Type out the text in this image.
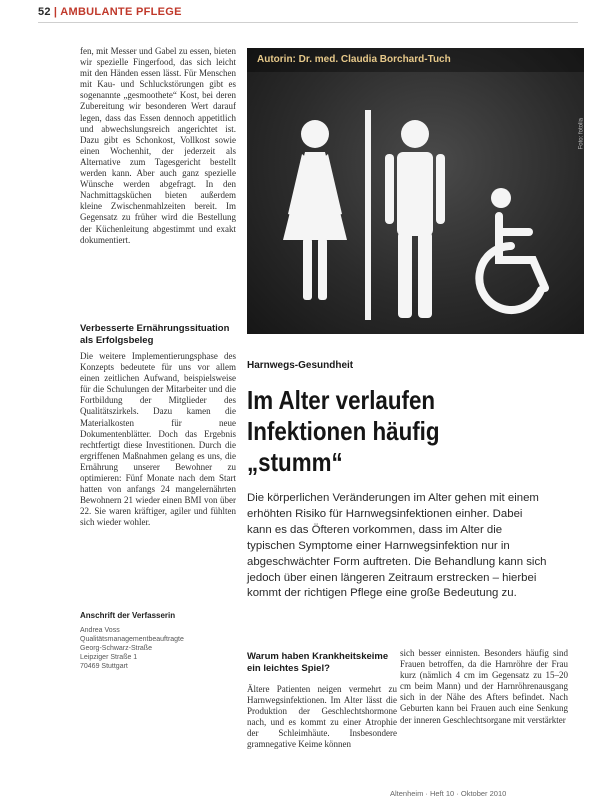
52 | AMBULANTE PFLEGE

fen, mit Messer und Gabel zu essen, bieten wir spezielle Fingerfood, das sich leicht mit den Händen essen lässt. Für Menschen mit Kau- und Schluckstörungen gibt es sogenannte „gesmoothete“ Kost, bei deren Zubereitung wir besonderen Wert darauf legen, dass das Essen dennoch appetitlich und abwechslungsreich angerichtet ist. Dazu gibt es Schonkost, Vollkost sowie einen Wochenhit, der jederzeit als Alternative zum Tagesgericht bestellt werden kann. Aber auch ganz spezielle Wünsche werden abgefragt. In den Nachmittagsküchen bieten außerdem kleine Zwischenmahlzeiten bereit. Im Gegensatz zu früher wird die Bestellung der Küchenleitung abgestimmt und exakt dokumentiert.

Verbesserte Ernährungssituation als Erfolgsbeleg

Die weitere Implementierungsphase des Konzepts bedeutete für uns vor allem einen zeitlichen Aufwand, beispielsweise für die Schulungen der Mitarbeiter und die Fortbildung der Mitglieder des Qualitätszirkels. Dazu kamen die Materialkosten für neue Dokumentenblätter. Doch das Ergebnis rechtfertigt diese Investitionen. Durch die ergriffenen Maßnahmen gelang es uns, die Ernährung unserer Bewohner zu optimieren: Fünf Monate nach dem Start hatten von anfangs 24 mangelernährten Bewohnern 21 wieder einen BMI von über 22. Sie waren kräftiger, agiler und fühlten sich wieder wohler.

Anschrift der Verfasserin

Andrea Voss

Qualitätsmanagementbeauftragte

Georg-Schwarz-Straße

Leipziger Straße 1

70469 Stuttgart

Autorin: Dr. med. Claudia Borchard-Tuch
Foto: fotolia
Harnwegs-Gesundheit
Im Alter verlaufen
Infektionen häufig „stumm“

Die körperlichen Veränderungen im Alter gehen mit einem erhöhten Risiko für Harnwegsinfektionen einher. Dabei kann es das Öfteren vorkommen, dass im Alter die typischen Symptome einer Harnwegsinfektion nur in abgeschwächter Form auftreten. Die Behandlung kann sich jedoch über einen längeren Zeitraum erstrecken – hierbei kommt der richtigen Pflege eine große Bedeutung zu.

Warum haben Krankheitskeime ein leichtes Spiel?

Ältere Patienten neigen vermehrt zu Harnwegsinfektionen. Im Alter lässt die Produktion der Geschlechtshormone nach, und es kommt zu einer Atrophie der Schleimhäute. Insbesondere gramnegative Keime können

sich besser einnisten. Besonders häufig sind Frauen betroffen, da die Harnröhre der Frau kurz (nämlich 4 cm im Gegensatz zu 15–20 cm beim Mann) und der Harnröhrenausgang sich in der Nähe des Afters befindet. Nach Geburten kann bei Frauen auch eine Senkung der inneren Geschlechtsorgane mit verstärkter

Altenheim · Heft 10 · Oktober 2010
